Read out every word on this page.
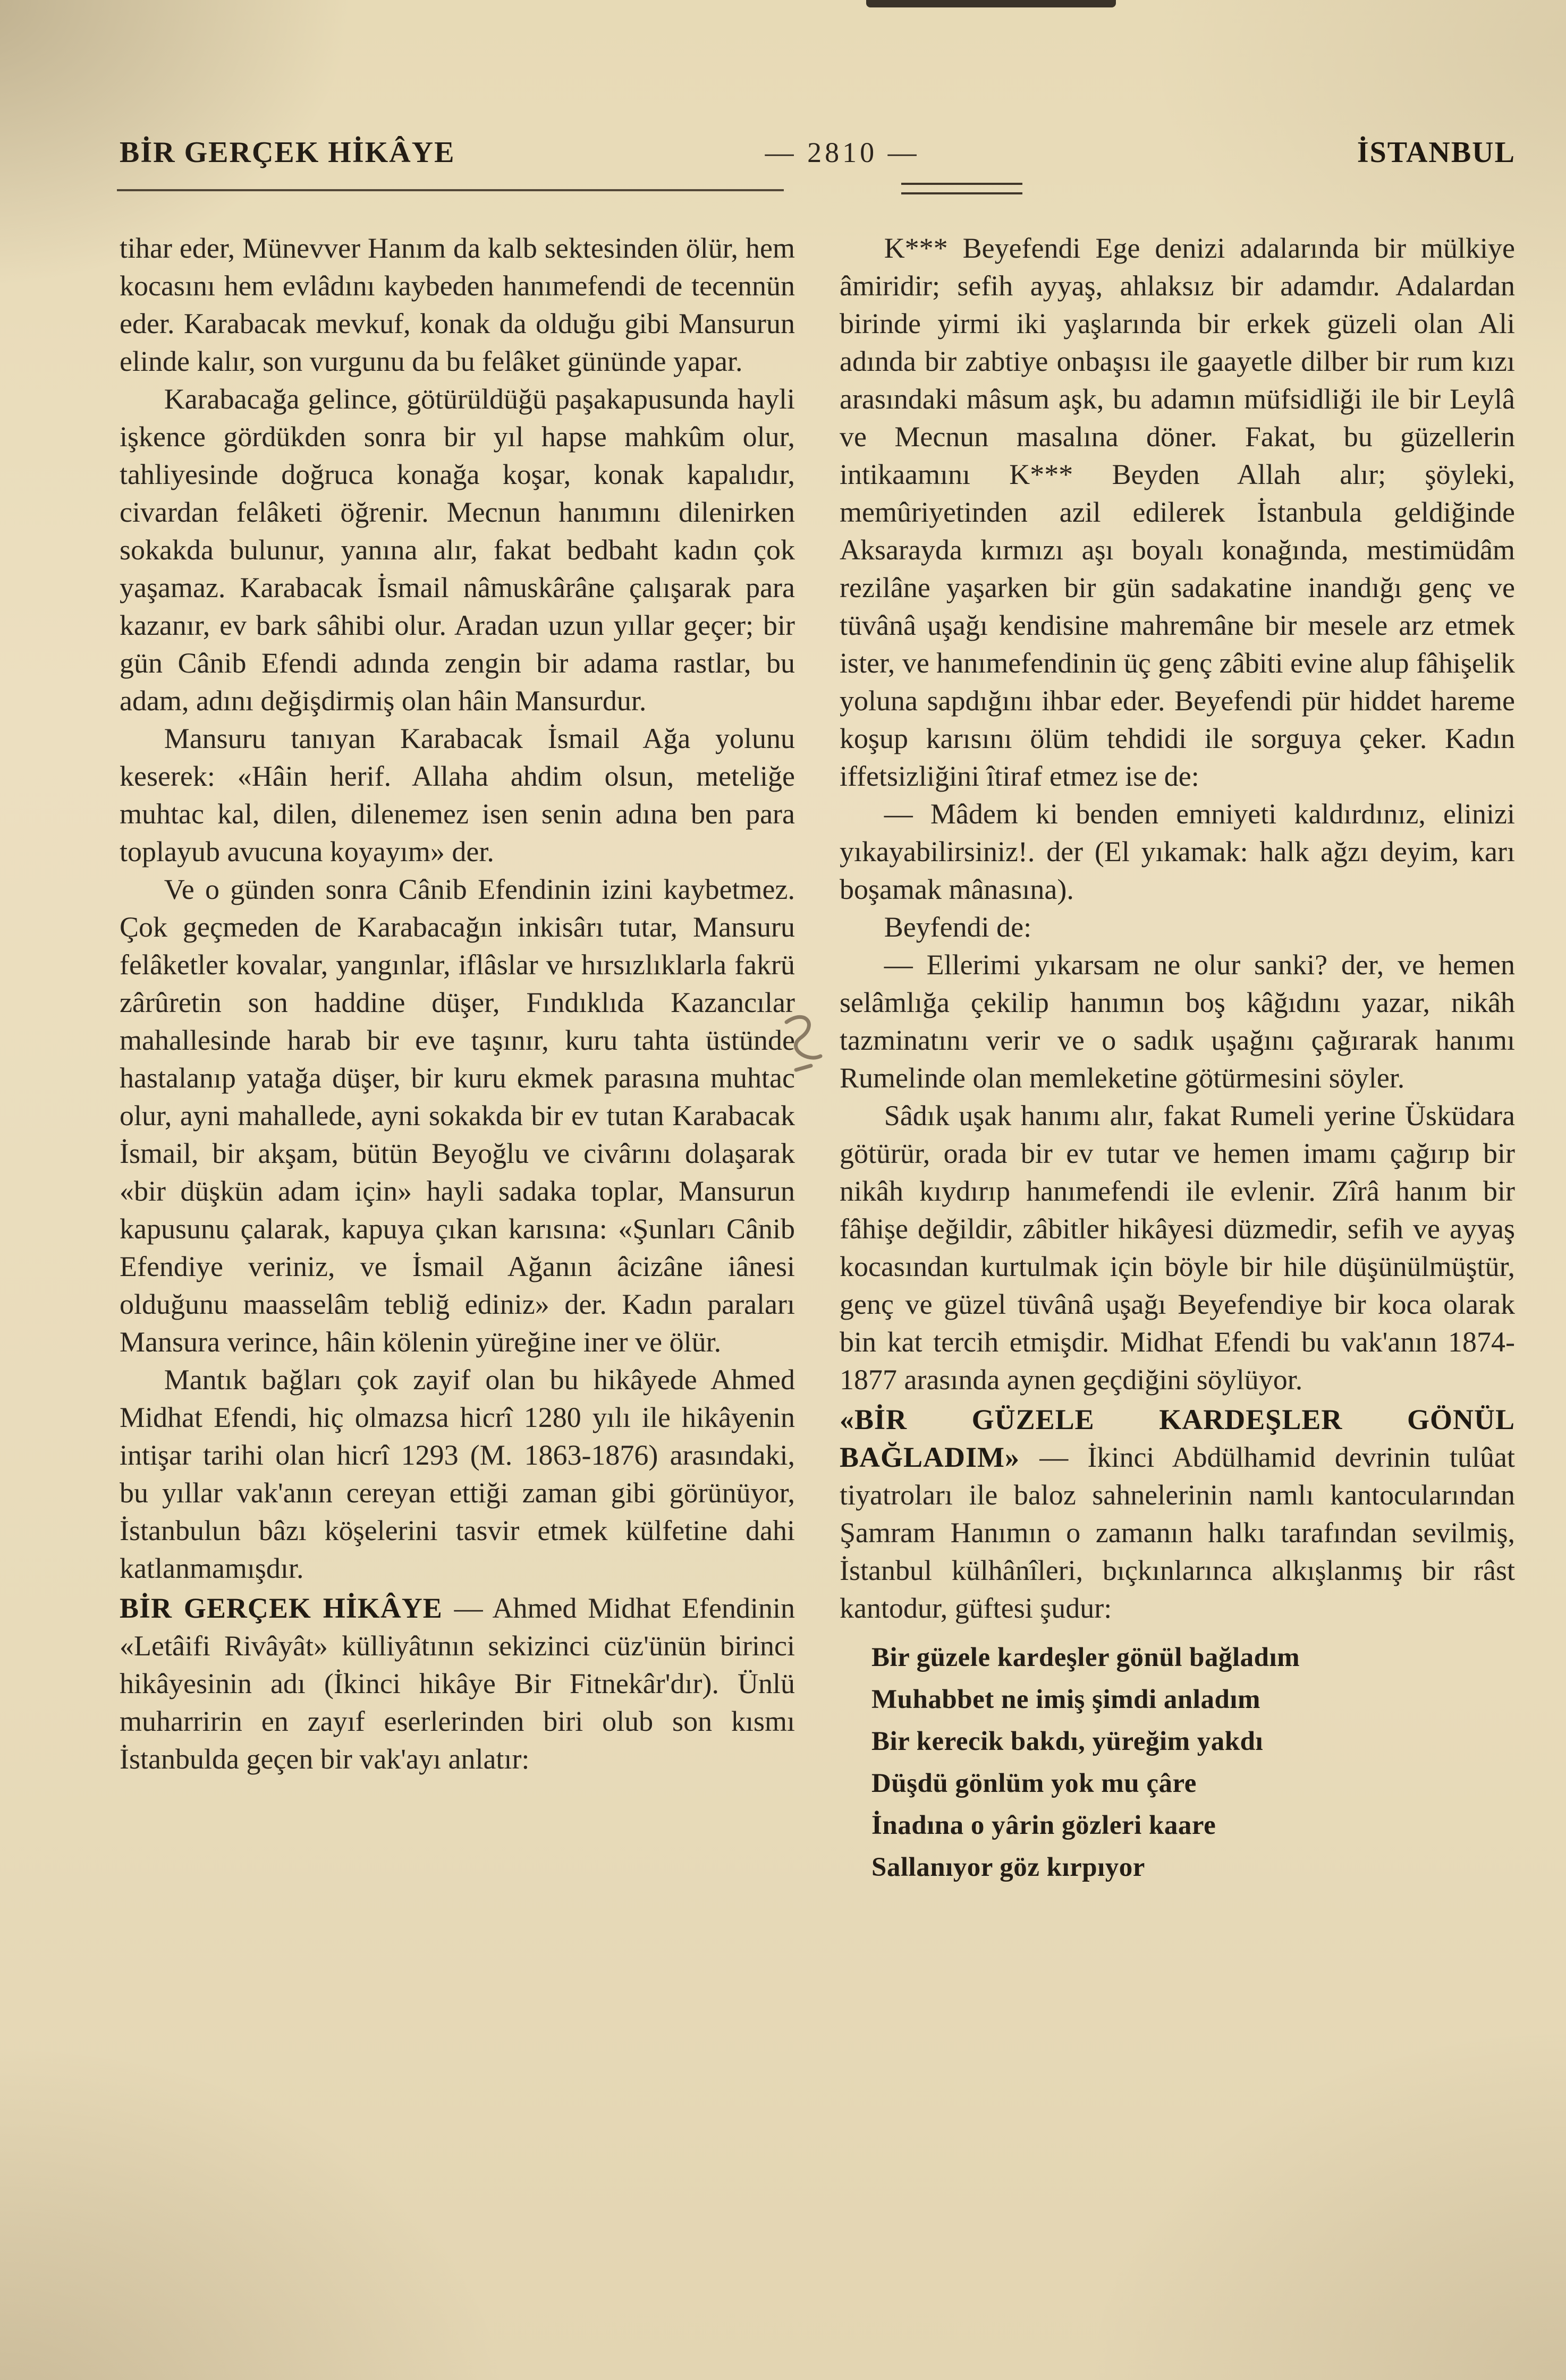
BİR GERÇEK HİKÂYE	— 2810 —	İSTANBUL

tihar eder, Münevver Hanım da kalb sektesinden ölür, hem kocasını hem evlâdını kaybeden hanımefendi de tecennün eder. Karabacak mevkuf, konak da olduğu gibi Mansurun elinde kalır, son vurgunu da bu felâket gününde yapar.

Karabacağa gelince, götürüldüğü paşakapusunda hayli işkence gördükden sonra bir yıl hapse mahkûm olur, tahliyesinde doğruca konağa koşar, konak kapalıdır, civardan felâketi öğrenir. Mecnun hanımını dilenirken sokakda bulunur, yanına alır, fakat bedbaht kadın çok yaşamaz. Karabacak İsmail nâmuskârâne çalışarak para kazanır, ev bark sâhibi olur. Aradan uzun yıllar geçer; bir gün Cânib Efendi adında zengin bir adama rastlar, bu adam, adını değişdirmiş olan hâin Mansurdur.

Mansuru tanıyan Karabacak İsmail Ağa yolunu keserek: «Hâin herif. Allaha ahdim olsun, meteliğe muhtac kal, dilen, dilenemez isen senin adına ben para toplayub avucuna koyayım» der.

Ve o günden sonra Cânib Efendinin izini kaybetmez. Çok geçmeden de Karabacağın inkisârı tutar, Mansuru felâketler kovalar, yangınlar, iflâslar ve hırsızlıklarla fakrü zârûretin son haddine düşer, Fındıklıda Kazancılar mahallesinde harab bir eve taşınır, kuru tahta üstünde hastalanıp yatağa düşer, bir kuru ekmek parasına muhtac olur, ayni mahallede, ayni sokakda bir ev tutan Karabacak İsmail, bir akşam, bütün Beyoğlu ve civârını dolaşarak «bir düşkün adam için» hayli sadaka toplar, Mansurun kapusunu çalarak, kapuya çıkan karısına: «Şunları Cânib Efendiye veriniz, ve İsmail Ağanın âcizâne iânesi olduğunu maasselâm tebliğ ediniz» der. Kadın paraları Mansura verince, hâin kölenin yüreğine iner ve ölür.

Mantık bağları çok zayif olan bu hikâyede Ahmed Midhat Efendi, hiç olmazsa hicrî 1280 yılı ile hikâyenin intişar tarihi olan hicrî 1293 (M. 1863-1876) arasındaki, bu yıllar vak'anın cereyan ettiği zaman gibi görünüyor, İstanbulun bâzı köşelerini tasvir etmek külfetine dahi katlanmamışdır.

BİR GERÇEK HİKÂYE — Ahmed Midhat Efendinin «Letâifi Rivâyât» külliyâtının sekizinci cüz'ünün birinci hikâyesinin adı (İkinci hikâye Bir Fitnekâr'dır). Ünlü muharririn en zayıf eserlerinden biri olub son kısmı İstanbulda geçen bir vak'ayı anlatır:

K*** Beyefendi Ege denizi adalarında bir mülkiye âmiridir; sefih ayyaş, ahlaksız bir adamdır. Adalardan birinde yirmi iki yaşlarında bir erkek güzeli olan Ali adında bir zabtiye onbaşısı ile gaayetle dilber bir rum kızı arasındaki mâsum aşk, bu adamın müfsidliği ile bir Leylâ ve Mecnun masalına döner. Fakat, bu güzellerin intikaamını K*** Beyden Allah alır; şöyleki, memûriyetinden azil edilerek İstanbula geldiğinde Aksarayda kırmızı aşı boyalı konağında, mestimüdâm rezilâne yaşarken bir gün sadakatine inandığı genç ve tüvânâ uşağı kendisine mahremâne bir mesele arz etmek ister, ve hanımefendinin üç genç zâbiti evine alup fâhişelik yoluna sapdığını ihbar eder. Beyefendi pür hiddet hareme koşup karısını ölüm tehdidi ile sorguya çeker. Kadın iffetsizliğini îtiraf etmez ise de:

— Mâdem ki benden emniyeti kaldırdınız, elinizi yıkayabilirsiniz!. der (El yıkamak: halk ağzı deyim, karı boşamak mânasına).

Beyfendi de:

— Ellerimi yıkarsam ne olur sanki? der, ve hemen selâmlığa çekilip hanımın boş kâğıdını yazar, nikâh tazminatını verir ve o sadık uşağını çağırarak hanımı Rumelinde olan memleketine götürmesini söyler.

Sâdık uşak hanımı alır, fakat Rumeli yerine Üsküdara götürür, orada bir ev tutar ve hemen imamı çağırıp bir nikâh kıydırıp hanımefendi ile evlenir. Zîrâ hanım bir fâhişe değildir, zâbitler hikâyesi düzmedir, sefih ve ayyaş kocasından kurtulmak için böyle bir hile düşünülmüştür, genç ve güzel tüvânâ uşağı Beyefendiye bir koca olarak bin kat tercih etmişdir. Midhat Efendi bu vak'anın 1874-1877 arasında aynen geçdiğini söylüyor.

«BİR GÜZELE KARDEŞLER GÖNÜL BAĞLADIM» — İkinci Abdülhamid devrinin tulûat tiyatroları ile baloz sahnelerinin namlı kantocularından Şamram Hanımın o zamanın halkı tarafından sevilmiş, İstanbul külhânîleri, bıçkınlarınca alkışlanmış bir râst kantodur, güftesi şudur:

Bir güzele kardeşler gönül bağladım
Muhabbet ne imiş şimdi anladım
Bir kerecik bakdı, yüreğim yakdı
Düşdü gönlüm yok mu çâre
İnadına o yârin gözleri kaare
Sallanıyor göz kırpıyor
